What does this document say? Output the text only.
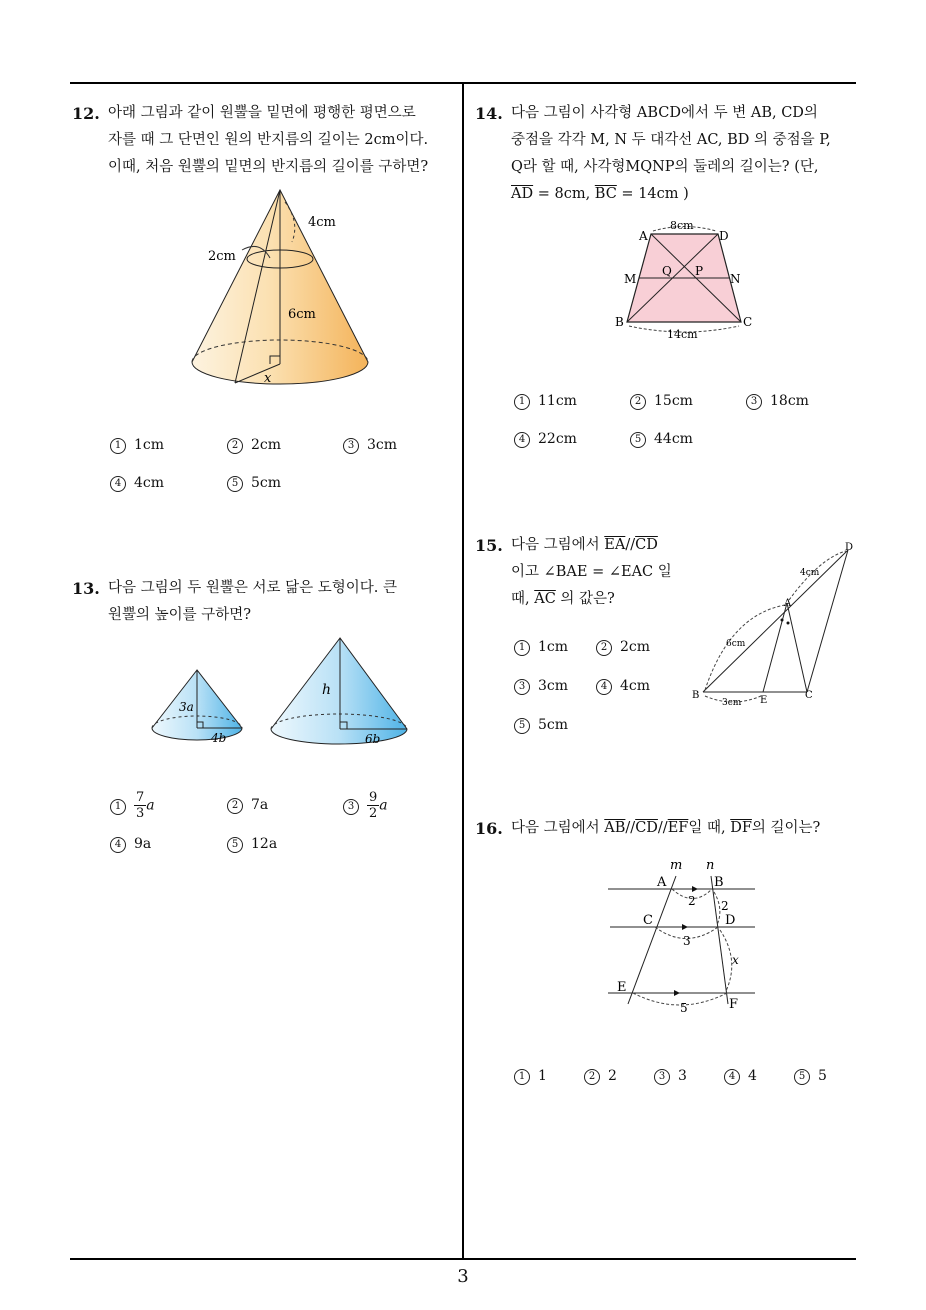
3
12. 아래 그림과 같이 원뿔을 밑면에 평행한 평면으로
자를 때 그 단면인 원의 반지름의 길이는 2cm이다.
이때, 처음 원뿔의 밑면의 반지름의 길이를 구하면?
4cm
2cm
6cm
x
1 1cm	2 2cm	3 3cm
4 4cm	5 5cm
13. 다음 그림의 두 원뿔은 서로 닮은 도형이다. 큰
원뿔의 높이를 구하면?
3a
4b
h
6b
$1 \frac{7}{3}$ a	2 7a	$3 \frac{9}{2}$ a
4 9a	5 12a
14. 다음 그림이 사각형 ABCD에서 두 변 AB, CD의
중점을 각각 M, N 두 대각선 AC, BD 의 중점을 P,
Q라 할 때, 사각형MQNP의 둘레의 길이는? (단,
$\overline{AD} = 8cm$, $\overline{BC} = 14cm$ )
A	D
M	N
Q P
B	C
8cm
14cm
1 11cm	2 15cm	3 18cm
4 22cm	5 44cm
15. 다음 그림에서 $\overline{EA}//\overline{CD}$
이고 ∠BAE = ∠EAC 일
때, $\overline{AC}$ 의 값은?
D
A
B	E	C
4cm
6cm
3cm
1 1cm	2 2cm
3 3cm	4 4cm
5 5cm
16. 다음 그림에서 $\overline{AB}//\overline{CD}//\overline{EF}$일 때, $\overline{DF}$의 길이는?
m n
A	B
C	D
E
F
2 2
3
x
5
1 1	2 2	3 3	4 4	5 5
